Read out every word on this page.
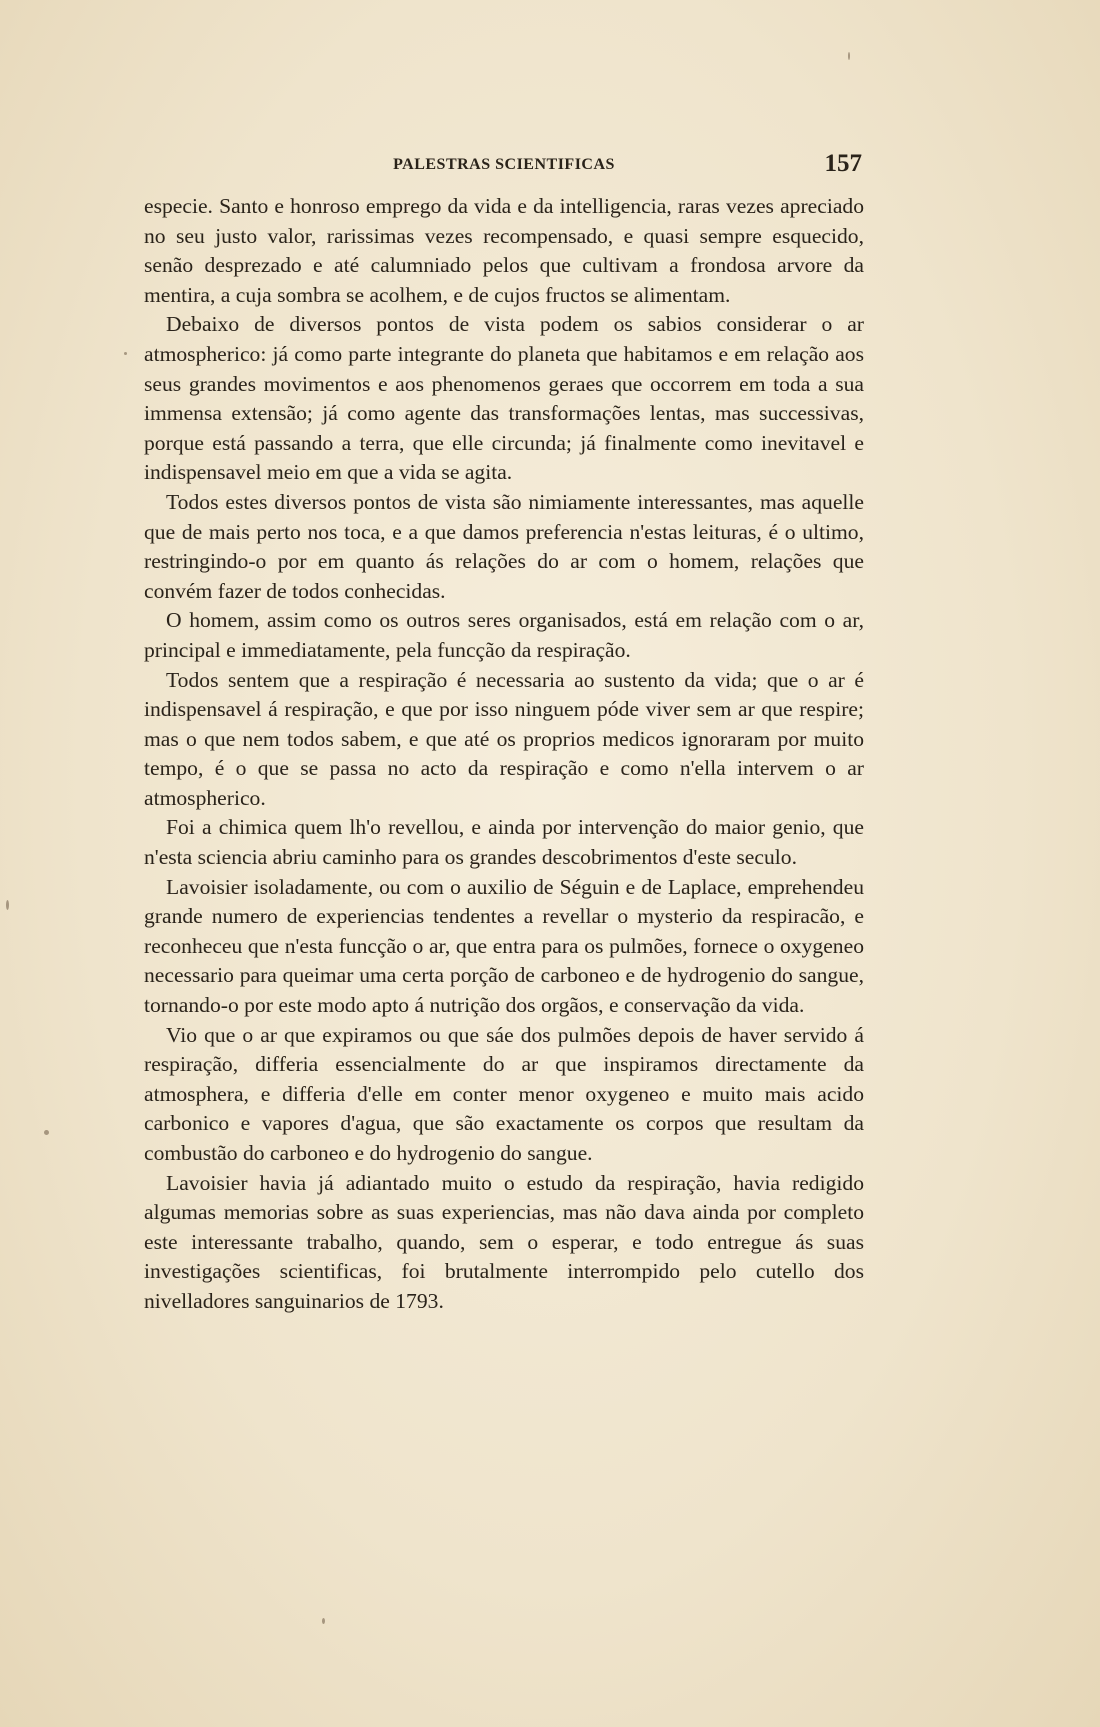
PALESTRAS SCIENTIFICAS	157

especie. Santo e honroso emprego da vida e da intelligencia, raras vezes apreciado no seu justo valor, rarissimas vezes recompensado, e quasi sempre esquecido, senão desprezado e até calumniado pelos que cultivam a frondosa arvore da mentira, a cuja sombra se acolhem, e de cujos fructos se alimentam.

Debaixo de diversos pontos de vista podem os sabios considerar o ar atmospherico: já como parte integrante do planeta que habitamos e em relação aos seus grandes movimentos e aos phenomenos geraes que occorrem em toda a sua immensa extensão; já como agente das transformações lentas, mas successivas, porque está passando a terra, que elle circunda; já finalmente como inevitavel e indispensavel meio em que a vida se agita.

Todos estes diversos pontos de vista são nimiamente interessantes, mas aquelle que de mais perto nos toca, e a que damos preferencia n'estas leituras, é o ultimo, restringindo-o por em quanto ás relações do ar com o homem, relações que convém fazer de todos conhecidas.

O homem, assim como os outros seres organisados, está em relação com o ar, principal e immediatamente, pela funcção da respiração.

Todos sentem que a respiração é necessaria ao sustento da vida; que o ar é indispensavel á respiração, e que por isso ninguem póde viver sem ar que respire; mas o que nem todos sabem, e que até os proprios medicos ignoraram por muito tempo, é o que se passa no acto da respiração e como n'ella intervem o ar atmospherico.

Foi a chimica quem lh'o revellou, e ainda por intervenção do maior genio, que n'esta sciencia abriu caminho para os grandes descobrimentos d'este seculo.

Lavoisier isoladamente, ou com o auxilio de Séguin e de Laplace, emprehendeu grande numero de experiencias tendentes a revellar o mysterio da respiracão, e reconheceu que n'esta funcção o ar, que entra para os pulmões, fornece o oxygeneo necessario para queimar uma certa porção de carboneo e de hydrogenio do sangue, tornando-o por este modo apto á nutrição dos orgãos, e conservação da vida.

Vio que o ar que expiramos ou que sáe dos pulmões depois de haver servido á respiração, differia essencialmente do ar que inspiramos directamente da atmosphera, e differia d'elle em conter menor oxygeneo e muito mais acido carbonico e vapores d'agua, que são exactamente os corpos que resultam da combustão do carboneo e do hydrogenio do sangue.

Lavoisier havia já adiantado muito o estudo da respiração, havia redigido algumas memorias sobre as suas experiencias, mas não dava ainda por completo este interessante trabalho, quando, sem o esperar, e todo entregue ás suas investigações scientificas, foi brutalmente interrompido pelo cutello dos nivelladores sanguinarios de 1793.
